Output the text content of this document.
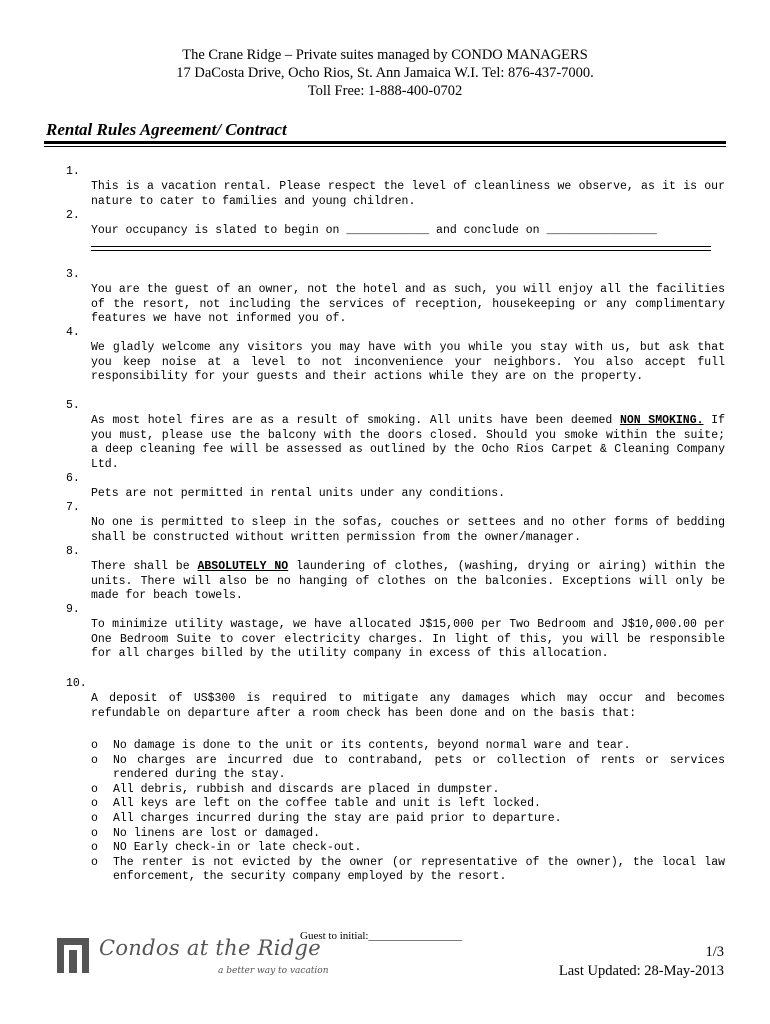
The Crane Ridge – Private suites managed by CONDO MANAGERS
17 DaCosta Drive, Ocho Rios, St. Ann Jamaica W.I. Tel: 876-437-7000.
Toll Free: 1-888-400-0702
Rental Rules Agreement/ Contract
1.
This is a vacation rental. Please respect the level of cleanliness we observe, as it is our nature to cater to families and young children.
2.
Your occupancy is slated to begin on ____________ and conclude on ________________
3.
You are the guest of an owner, not the hotel and as such, you will enjoy all the facilities of the resort, not including the services of reception, housekeeping or any complimentary features we have not informed you of.
4.
We gladly welcome any visitors you may have with you while you stay with us, but ask that you keep noise at a level to not inconvenience your neighbors. You also accept full responsibility for your guests and their actions while they are on the property.
5.
As most hotel fires are as a result of smoking. All units have been deemed NON SMOKING. If you must, please use the balcony with the doors closed. Should you smoke within the suite; a deep cleaning fee will be assessed as outlined by the Ocho Rios Carpet & Cleaning Company Ltd.
6.
Pets are not permitted in rental units under any conditions.
7.
No one is permitted to sleep in the sofas, couches or settees and no other forms of bedding shall be constructed without written permission from the owner/manager.
8.
There shall be ABSOLUTELY NO laundering of clothes, (washing, drying or airing) within the units. There will also be no hanging of clothes on the balconies. Exceptions will only be made for beach towels.
9.
To minimize utility wastage, we have allocated J$15,000 per Two Bedroom and J$10,000.00 per One Bedroom Suite to cover electricity charges. In light of this, you will be responsible for all charges billed by the utility company in excess of this allocation.
10.
A deposit of US$300 is required to mitigate any damages which may occur and becomes refundable on departure after a room check has been done and on the basis that:
o No damage is done to the unit or its contents, beyond normal ware and tear.
o No charges are incurred due to contraband, pets or collection of rents or services rendered during the stay.
o All debris, rubbish and discards are placed in dumpster.
o All keys are left on the coffee table and unit is left locked.
o All charges incurred during the stay are paid prior to departure.
o No linens are lost or damaged.
o NO Early check-in or late check-out.
o The renter is not evicted by the owner (or representative of the owner), the local law enforcement, the security company employed by the resort.
Condos at the Ridge
a better way to vacation
Guest to initial:_________________
1/3
Last Updated: 28-May-2013
